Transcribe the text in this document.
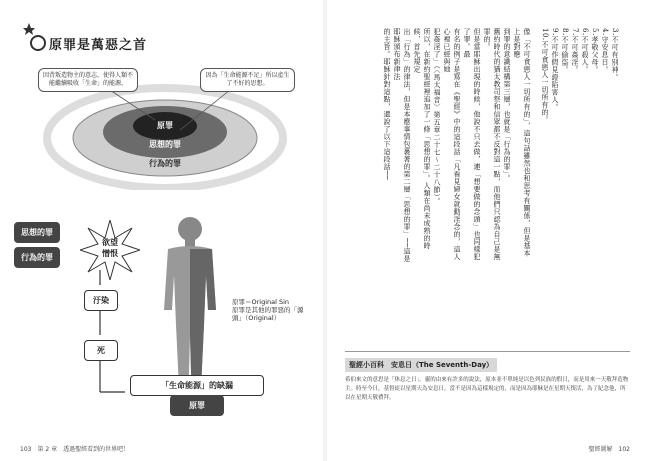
原罪是萬惡之首
因背叛造物主的意志，使得人類不能繼續吸收「生命」的能源。
因為「生命能源不足」所以產生了不好的思想。
原罪
思想的罪
行為的罪
思想的罪
行為的罪
欲望
憎恨
汙染
死
「生命能源」的缺漏
原罪
原罪＝Original Sin
原罪是其他的罪惡的「源頭」（Original）
103　第 2 章　透過聖經看到的世界吧！

3.不可有別神。

4.守安息日。

5.孝敬父母。

6.不可殺人。

7.不可姦淫。

8.不可偷盜。

9.不可作假見證陷害人。

10.不可貪戀人一切所有的。

像「不可貪戀人一切所有的」，這句話雖然也和思考有關係，但是基本上是對應

到罪的意識結構第三層，也就是「行為的罪」。

舊約時代的猶太教司祭和信眾都不反對這一點，而他們只認為自己是無罪的。

但是當耶穌出現的時候，他說不只去做，連「想要做的念頭」也同樣犯了罪。最

有名的例子是寫在《聖經》中的這段話「凡看見婦女就動淫念的，這人心裡已經與她

犯姦淫了」（〈馬太福音〉第五章二十七～二十八節）。

所以，在新約聖經裡追加了一條「思想的罪」。人類在尚未成熟的時候，首先規定

出「行為」的律法，但是本應事情包裹著的第二層「思想的罪」──這是耶穌頒布新律法

的主旨。耶穌針對這點，還說了以下這段話──

聖經小百科　安息日（The Seventh-Day）
希伯來文的意思是「休息之日」。靈的由來有許多的說法，原本並不單純是以色列民族的假日，而是用來一天敬拜造物主。時至今日，基督徒以星期天為安息日，當不是因為這樣規定的，而是因為耶穌是在星期天復活，為了紀念他，所以在星期天敬禮拜。
聖經圖解　102
